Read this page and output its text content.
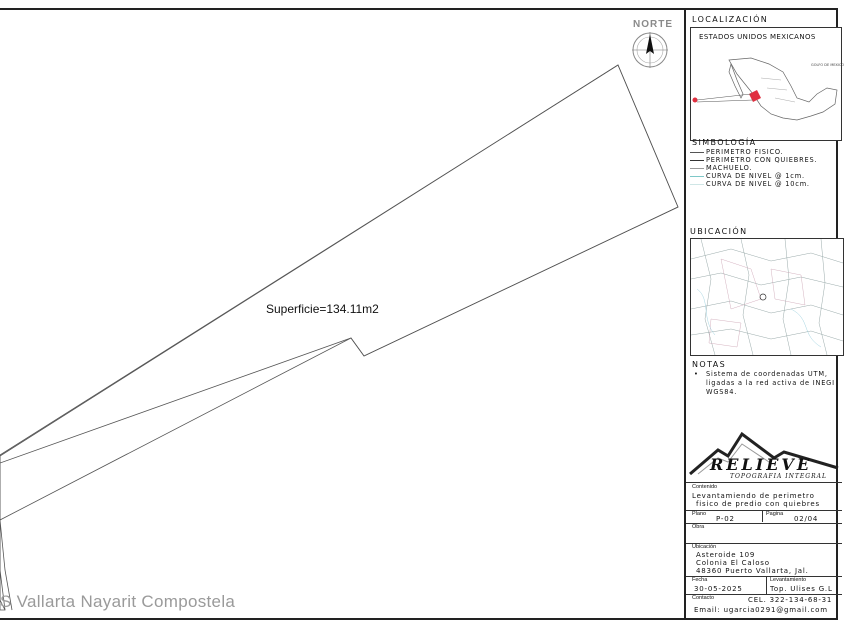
Superficie=134.11m2
NORTE
S Vallarta Nayarit Compostela
LOCALIZACIÓN
ESTADOS UNIDOS MEXICANOS
GOLFO DE MEXICO
SIMBOLOGÍA
PERIMETRO FISICO.
PERIMETRO CON QUIEBRES.
MACHUELO.
CURVA DE NIVEL @ 1cm.
CURVA DE NIVEL @ 10cm.
UBICACIÓN
NOTAS
•	Sistema de coordenadas UTM, ligadas a la red activa de INEGI WGS84.
RELIEVE
TOPOGRAFIA INTEGRAL
Contenido
Levantamiendo de perimetro
fisico de predio con quiebres
Plano
P-02
Pagina
02/04
Obra
Ubicación
Asteroide 109
Colonia El Caloso
48360 Puerto Vallarta, Jal.
Fecha
30-05-2025
Levantamiento
Top. Ulises G.L
Contacto	CEL. 322-134-68-31
Email: ugarcia0291@gmail.com
